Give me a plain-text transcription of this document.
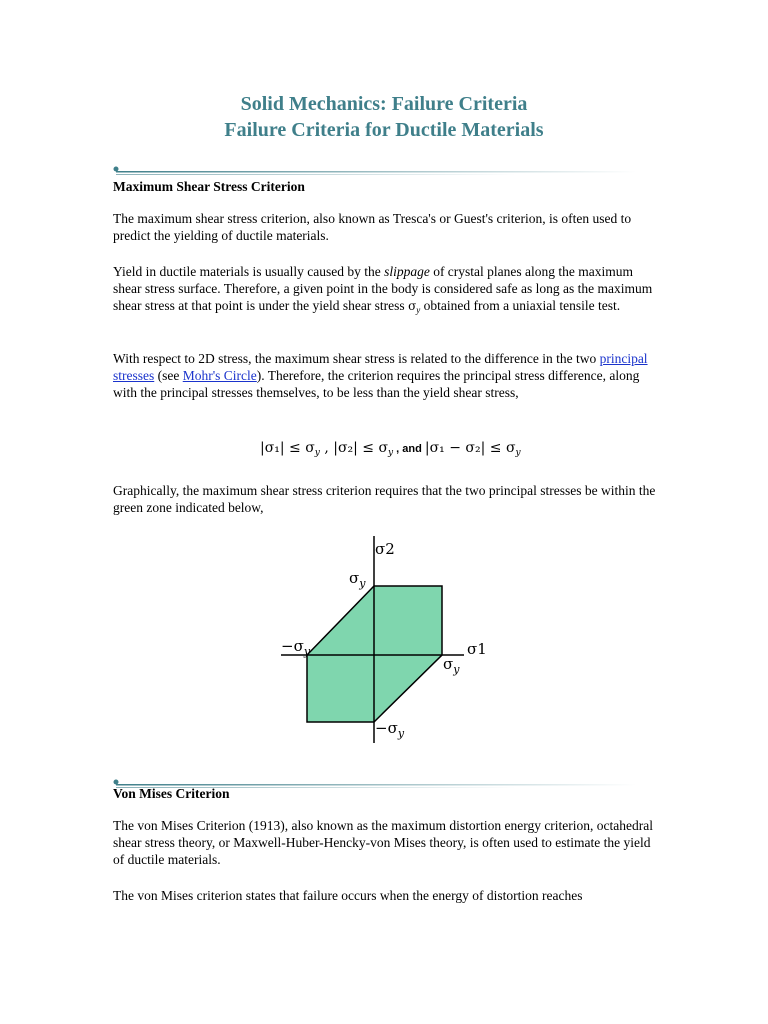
Solid Mechanics: Failure Criteria
Failure Criteria for Ductile Materials
Maximum Shear Stress Criterion
The maximum shear stress criterion, also known as Tresca's or Guest's criterion, is often used to predict the yielding of ductile materials.
Yield in ductile materials is usually caused by the slippage of crystal planes along the maximum shear stress surface. Therefore, a given point in the body is considered safe as long as the maximum shear stress at that point is under the yield shear stress $\sigma_y$ obtained from a uniaxial tensile test.
With respect to 2D stress, the maximum shear stress is related to the difference in the two principal stresses (see Mohr's Circle). Therefore, the criterion requires the principal stress difference, along with the principal stresses themselves, to be less than the yield shear stress,
$|\sigma_1| \le \sigma_y$ , $|\sigma_2| \le \sigma_y$ , and $|\sigma_1 - \sigma_2| \le \sigma_y$
Graphically, the maximum shear stress criterion requires that the two principal stresses be within the green zone indicated below,
σ2
σ1
$\sigma_y$
$-\sigma_y$
$\sigma_y$
$-\sigma_y$
Von Mises Criterion
The von Mises Criterion (1913), also known as the maximum distortion energy criterion, octahedral shear stress theory, or Maxwell-Huber-Hencky-von Mises theory, is often used to estimate the yield of ductile materials.
The von Mises criterion states that failure occurs when the energy of distortion reaches
